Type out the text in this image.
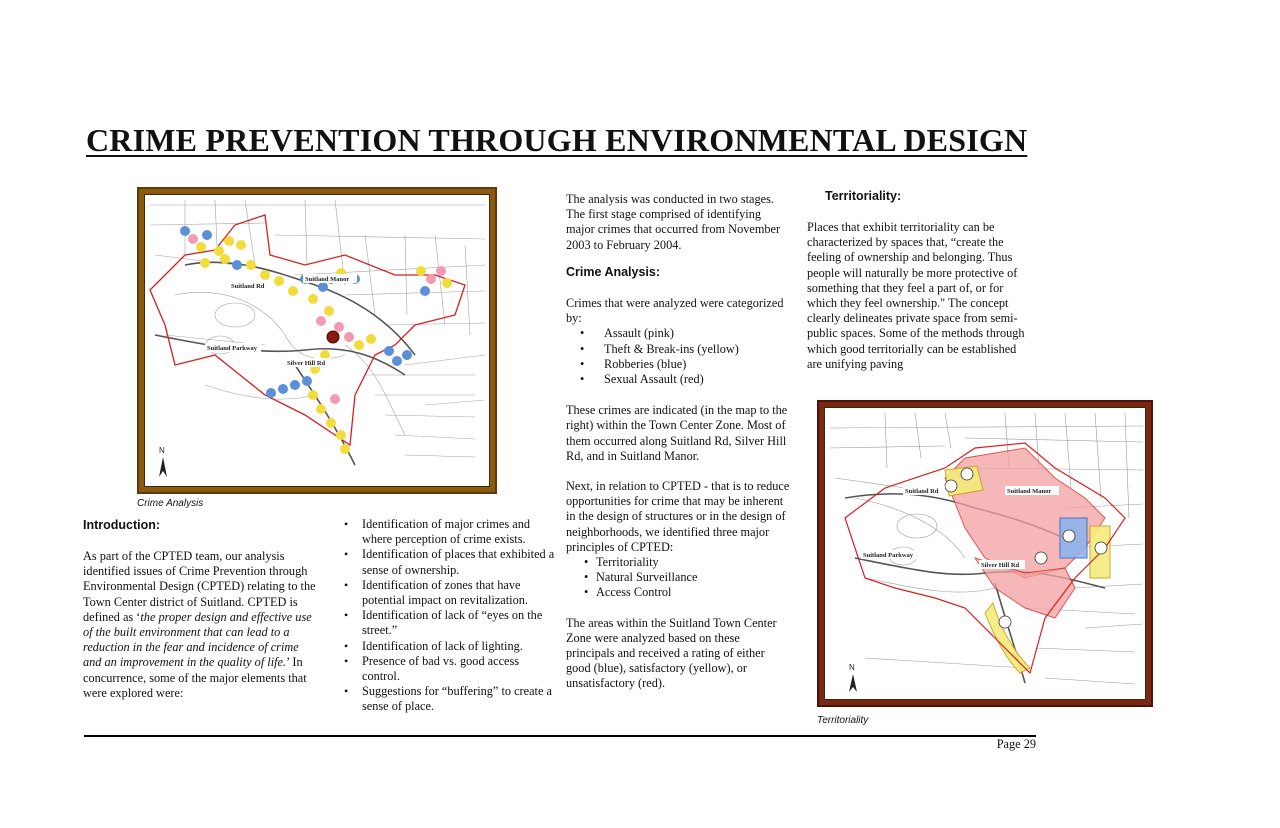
CRIME PREVENTION THROUGH ENVIRONMENTAL DESIGN
Suitland Rd
Suitland Manor
Suitland Parkway
Silver Hill Rd
N
Crime Analysis
Introduction:

As part of the CPTED team, our analysis identified issues of Crime Prevention through Environmental Design (CPTED) relating to the Town Center district of Suitland. CPTED is defined as ‘the proper design and effective use of the built environment that can lead to a reduction in the fear and incidence of crime and an improvement in the quality of life.’ In concurrence, some of the major elements that were explored were:

• Identification of major crimes and where perception of crime exists.
• Identification of places that exhibited a sense of ownership.
• Identification of zones that have potential impact on revitalization.
• Identification of lack of “eyes on the street.”
• Identification of lack of lighting.
• Presence of bad vs. good access control.
• Suggestions for “buffering” to create a sense of place.

The analysis was conducted in two stages. The first stage comprised of identifying major crimes that occurred from November 2003 to February 2004.

Crime Analysis:

Crimes that were analyzed were categorized by:

• Assault (pink)
• Theft & Break-ins (yellow)
• Robberies (blue)
• Sexual Assault (red)

These crimes are indicated (in the map to the right) within the Town Center Zone. Most of them occurred along Suitland Rd, Silver Hill Rd, and in Suitland Manor.

Next, in relation to CPTED - that is to reduce opportunities for crime that may be inherent in the design of structures or in the design of neighborhoods, we identified three major principles of CPTED:

• Territoriality
• Natural Surveillance
• Access Control

The areas within the Suitland Town Center Zone were analyzed based on these principals and received a rating of either good (blue), satisfactory (yellow), or unsatisfactory (red).

Territoriality:
Places that exhibit territoriality can be characterized by spaces that, “create the feeling of ownership and belonging. Thus people will naturally be more protective of something that they feel a part of, or for which they feel ownership." The concept clearly delineates private space from semi-public spaces. Some of the methods through which good territorially can be established are unifying paving
Suitland Rd	Suitland Manor
Suitland Parkway
Silver Hill Rd
N
Territoriality
Page 29
